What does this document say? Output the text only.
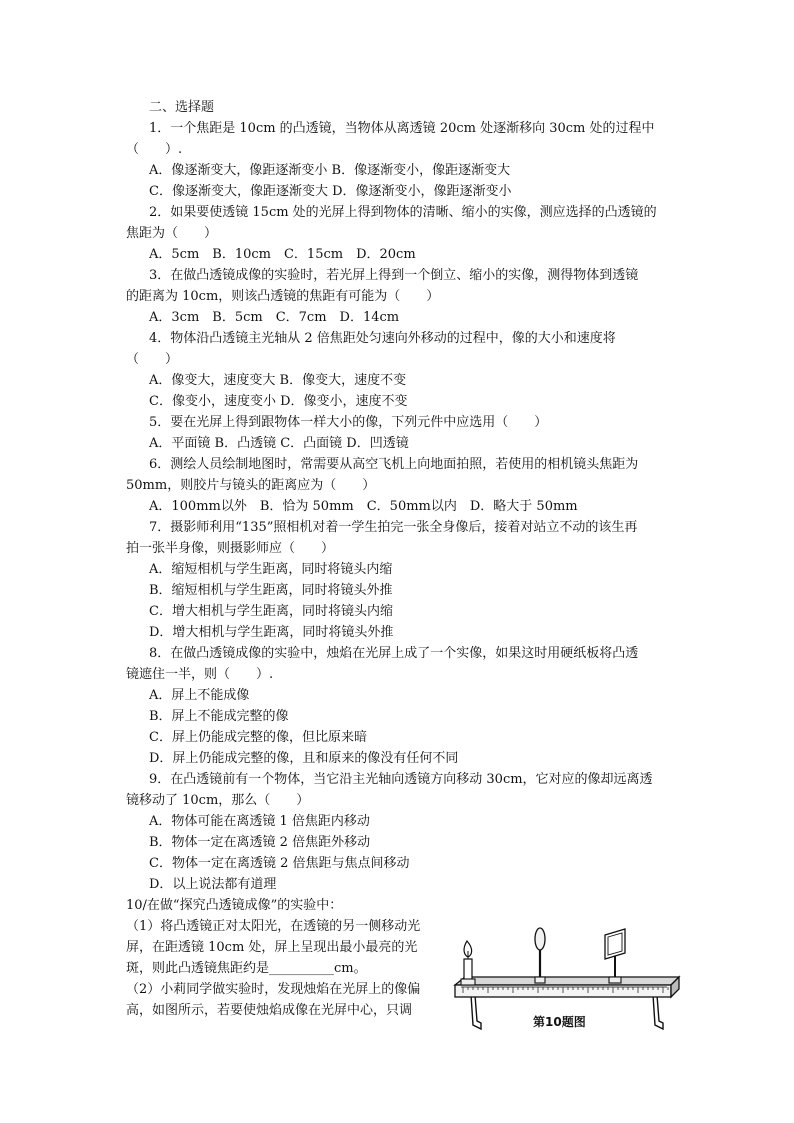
二、选择题
1．一个焦距是 10cm 的凸透镜，当物体从离透镜 20cm 处逐渐移向 30cm 处的过程中
（　　）.
A．像逐渐变大，像距逐渐变小 B．像逐渐变小，像距逐渐变大
C．像逐渐变大，像距逐渐变大 D．像逐渐变小，像距逐渐变小
2．如果要使透镜 15cm 处的光屏上得到物体的清晰、缩小的实像，测应选择的凸透镜的
焦距为（　　）
A．5cm　B．10cm　C．15cm　D．20cm
3．在做凸透镜成像的实验时，若光屏上得到一个倒立、缩小的实像，测得物体到透镜
的距离为 10cm，则该凸透镜的焦距有可能为（　　）
A．3cm　B．5cm　C．7cm　D．14cm
4．物体沿凸透镜主光轴从 2 倍焦距处匀速向外移动的过程中，像的大小和速度将
（　　）
A．像变大，速度变大 B．像变大，速度不变
C．像变小，速度变小 D．像变小，速度不变
5．要在光屏上得到跟物体一样大小的像，下列元件中应选用（　　）
A．平面镜 B．凸透镜 C．凸面镜 D．凹透镜
6．测绘人员绘制地图时，常需要从高空飞机上向地面拍照，若使用的相机镜头焦距为
50mm，则胶片与镜头的距离应为（　　）
A．100mm以外　B．恰为 50mm　C．50mm以内　D．略大于 50mm
7．摄影师利用“135”照相机对着一学生拍完一张全身像后，接着对站立不动的该生再
拍一张半身像，则摄影师应（　　）
A．缩短相机与学生距离，同时将镜头内缩
B．缩短相机与学生距离，同时将镜头外推
C．增大相机与学生距离，同时将镜头内缩
D．增大相机与学生距离，同时将镜头外推
8．在做凸透镜成像的实验中，烛焰在光屏上成了一个实像，如果这时用硬纸板将凸透
镜遮住一半，则（　　）.
A．屏上不能成像
B．屏上不能成完整的像
C．屏上仍能成完整的像，但比原来暗
D．屏上仍能成完整的像，且和原来的像没有任何不同
9．在凸透镜前有一个物体，当它沿主光轴向透镜方向移动 30cm，它对应的像却远离透
镜移动了 10cm，那么（　　）
A．物体可能在离透镜 1 倍焦距内移动
B．物体一定在离透镜 2 倍焦距外移动
C．物体一定在离透镜 2 倍焦距与焦点间移动
D．以上说法都有道理
10/在做“探究凸透镜成像”的实验中：
（1）将凸透镜正对太阳光，在透镜的另一侧移动光
屏，在距透镜 10cm 处，屏上呈现出最小最亮的光
斑，则此凸透镜焦距约是__________cm。
（2）小莉同学做实验时，发现烛焰在光屏上的像偏
高，如图所示，若要使烛焰成像在光屏中心，只调
第10题图
